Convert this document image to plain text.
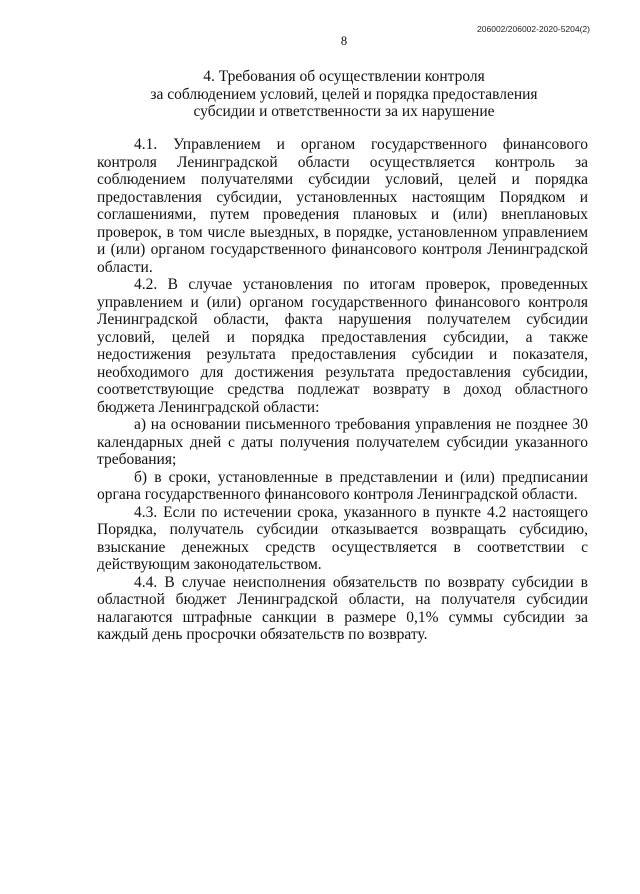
206002/206002-2020-5204(2)
8
4. Требования об осуществлении контроля
за соблюдением условий, целей и порядка предоставления
субсидии и ответственности за их нарушение

4.1. Управлением и органом государственного финансового контроля Ленинградской области осуществляется контроль за соблюдением получателями субсидии условий, целей и порядка предоставления субсидии, установленных настоящим Порядком и соглашениями, путем проведения плановых и (или) внеплановых проверок, в том числе выездных, в порядке, установленном управлением и (или) органом государственного финансового контроля Ленинградской области.

4.2. В случае установления по итогам проверок, проведенных управлением и (или) органом государственного финансового контроля Ленинградской области, факта нарушения получателем субсидии условий, целей и порядка предоставления субсидии, а также недостижения результата предоставления субсидии и показателя, необходимого для достижения результата предоставления субсидии, соответствующие средства подлежат возврату в доход областного бюджета Ленинградской области:

а) на основании письменного требования управления не позднее 30 календарных дней с даты получения получателем субсидии указанного требования;

б) в сроки, установленные в представлении и (или) предписании органа государственного финансового контроля Ленинградской области.

4.3. Если по истечении срока, указанного в пункте 4.2 настоящего Порядка, получатель субсидии отказывается возвращать субсидию, взыскание денежных средств осуществляется в соответствии с действующим законодательством.

4.4. В случае неисполнения обязательств по возврату субсидии в областной бюджет Ленинградской области, на получателя субсидии налагаются штрафные санкции в размере 0,1% суммы субсидии за каждый день просрочки обязательств по возврату.
